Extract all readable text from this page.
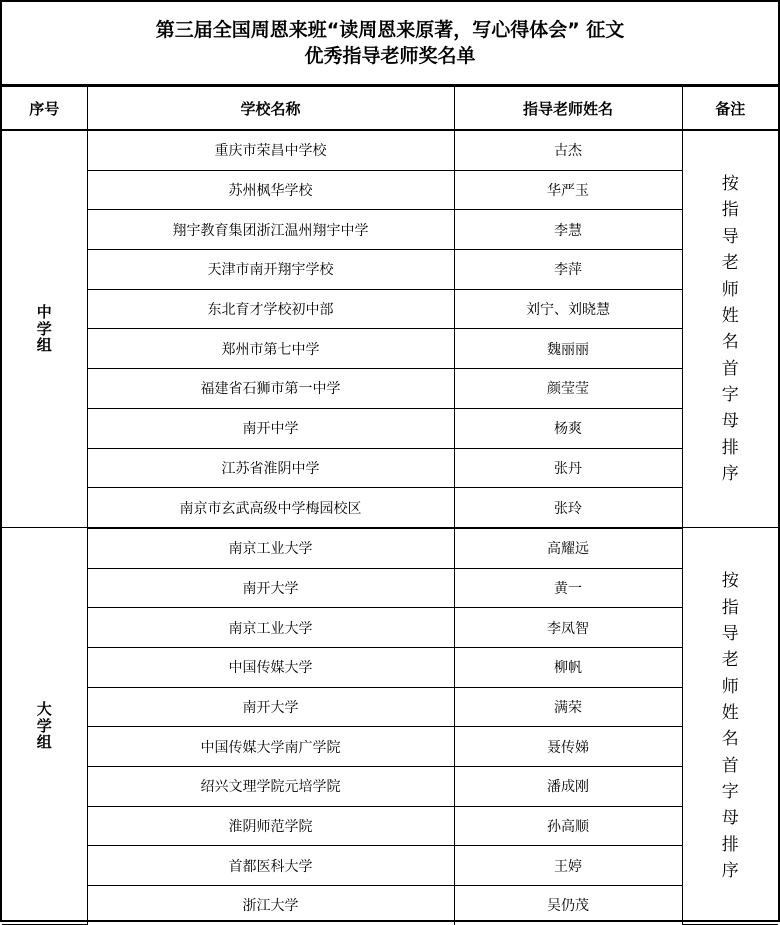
第三届全国周恩来班“读周恩来原著，写心得体会” 征文
优秀指导老师奖名单
序号	学校名称	指导老师姓名	备注
中学组	重庆市荣昌中学校	古杰	按指导老师姓名首字母排序
	苏州枫华学校	华严玉	
	翔宇教育集团浙江温州翔宇中学	李慧	
	天津市南开翔宇学校	李萍	
	东北育才学校初中部	刘宁、刘晓慧	
	郑州市第七中学	魏丽丽	
	福建省石狮市第一中学	颜莹莹	
	南开中学	杨爽	
	江苏省淮阴中学	张丹	
	南京市玄武高级中学梅园校区	张玲	
大学组	南京工业大学	高耀远	按指导老师姓名首字母排序
	南开大学	黄一	
	南京工业大学	李凤智	
	中国传媒大学	柳帆	
	南开大学	满荣	
	中国传媒大学南广学院	聂传娣	
	绍兴文理学院元培学院	潘成刚	
	淮阴师范学院	孙高顺	
	首都医科大学	王婷	
	浙江大学	吴仍茂	
